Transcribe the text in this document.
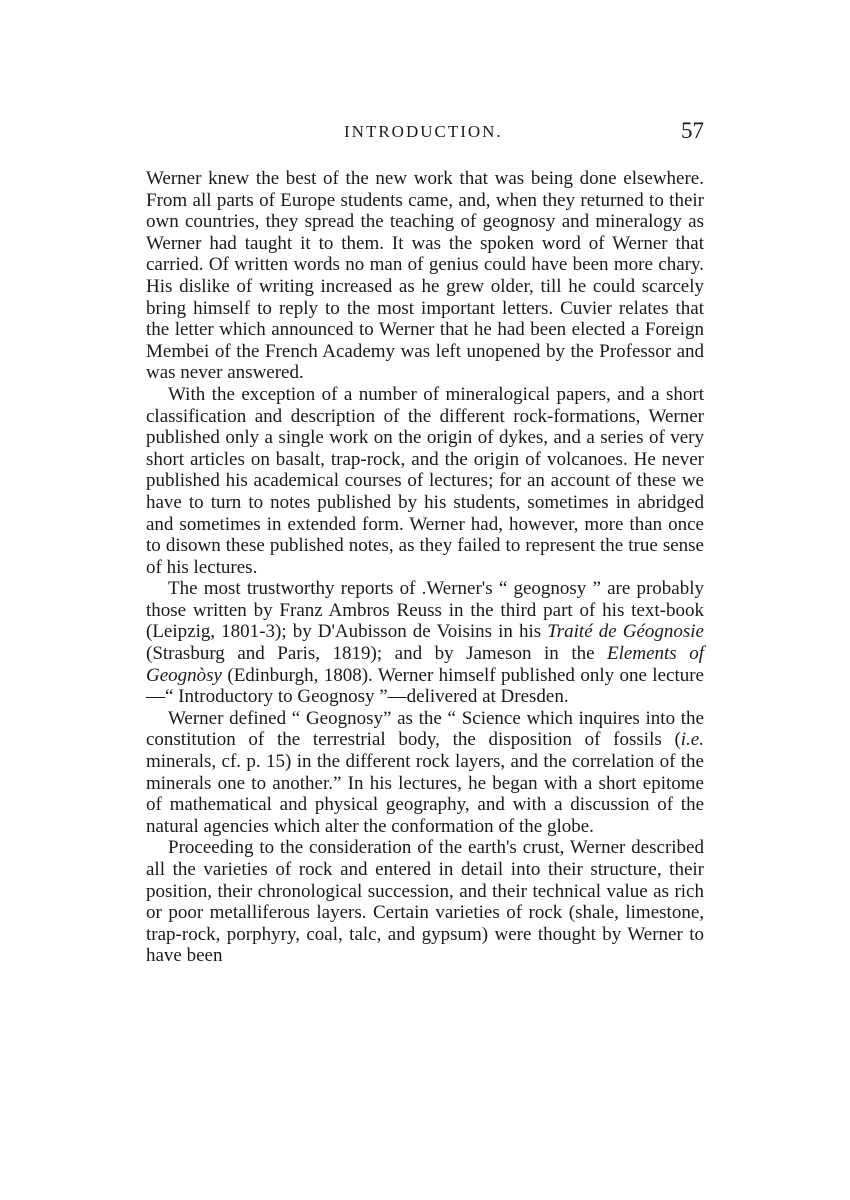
INTRODUCTION.	57

Werner knew the best of the new work that was being done elsewhere. From all parts of Europe students came, and, when they returned to their own countries, they spread the teaching of geognosy and mineralogy as Werner had taught it to them. It was the spoken word of Werner that carried. Of written words no man of genius could have been more chary. His dislike of writing increased as he grew older, till he could scarcely bring himself to reply to the most important letters. Cuvier relates that the letter which announced to Werner that he had been elected a Foreign Membei of the French Academy was left unopened by the Professor and was never answered.

With the exception of a number of mineralogical papers, and a short classification and description of the different rock-formations, Werner published only a single work on the origin of dykes, and a series of very short articles on basalt, trap-rock, and the origin of volcanoes. He never published his academical courses of lectures; for an account of these we have to turn to notes published by his students, sometimes in abridged and sometimes in extended form. Werner had, however, more than once to disown these published notes, as they failed to represent the true sense of his lectures.

The most trustworthy reports of .Werner's “ geognosy ” are probably those written by Franz Ambros Reuss in the third part of his text-book (Leipzig, 1801-3); by D'Aubisson de Voisins in his Traité de Géognosie (Strasburg and Paris, 1819); and by Jameson in the Elements of Geognòsy (Edinburgh, 1808). Werner himself published only one lecture—“ Introductory to Geognosy ”—delivered at Dresden.

Werner defined “ Geognosy” as the “ Science which inquires into the constitution of the terrestrial body, the disposition of fossils (i.e. minerals, cf. p. 15) in the different rock layers, and the correlation of the minerals one to another.” In his lectures, he began with a short epitome of mathematical and physical geography, and with a discussion of the natural agencies which alter the conformation of the globe.

Proceeding to the consideration of the earth's crust, Werner described all the varieties of rock and entered in detail into their structure, their position, their chronological succession, and their technical value as rich or poor metalliferous layers. Certain varieties of rock (shale, limestone, trap-rock, porphyry, coal, talc, and gypsum) were thought by Werner to have been
